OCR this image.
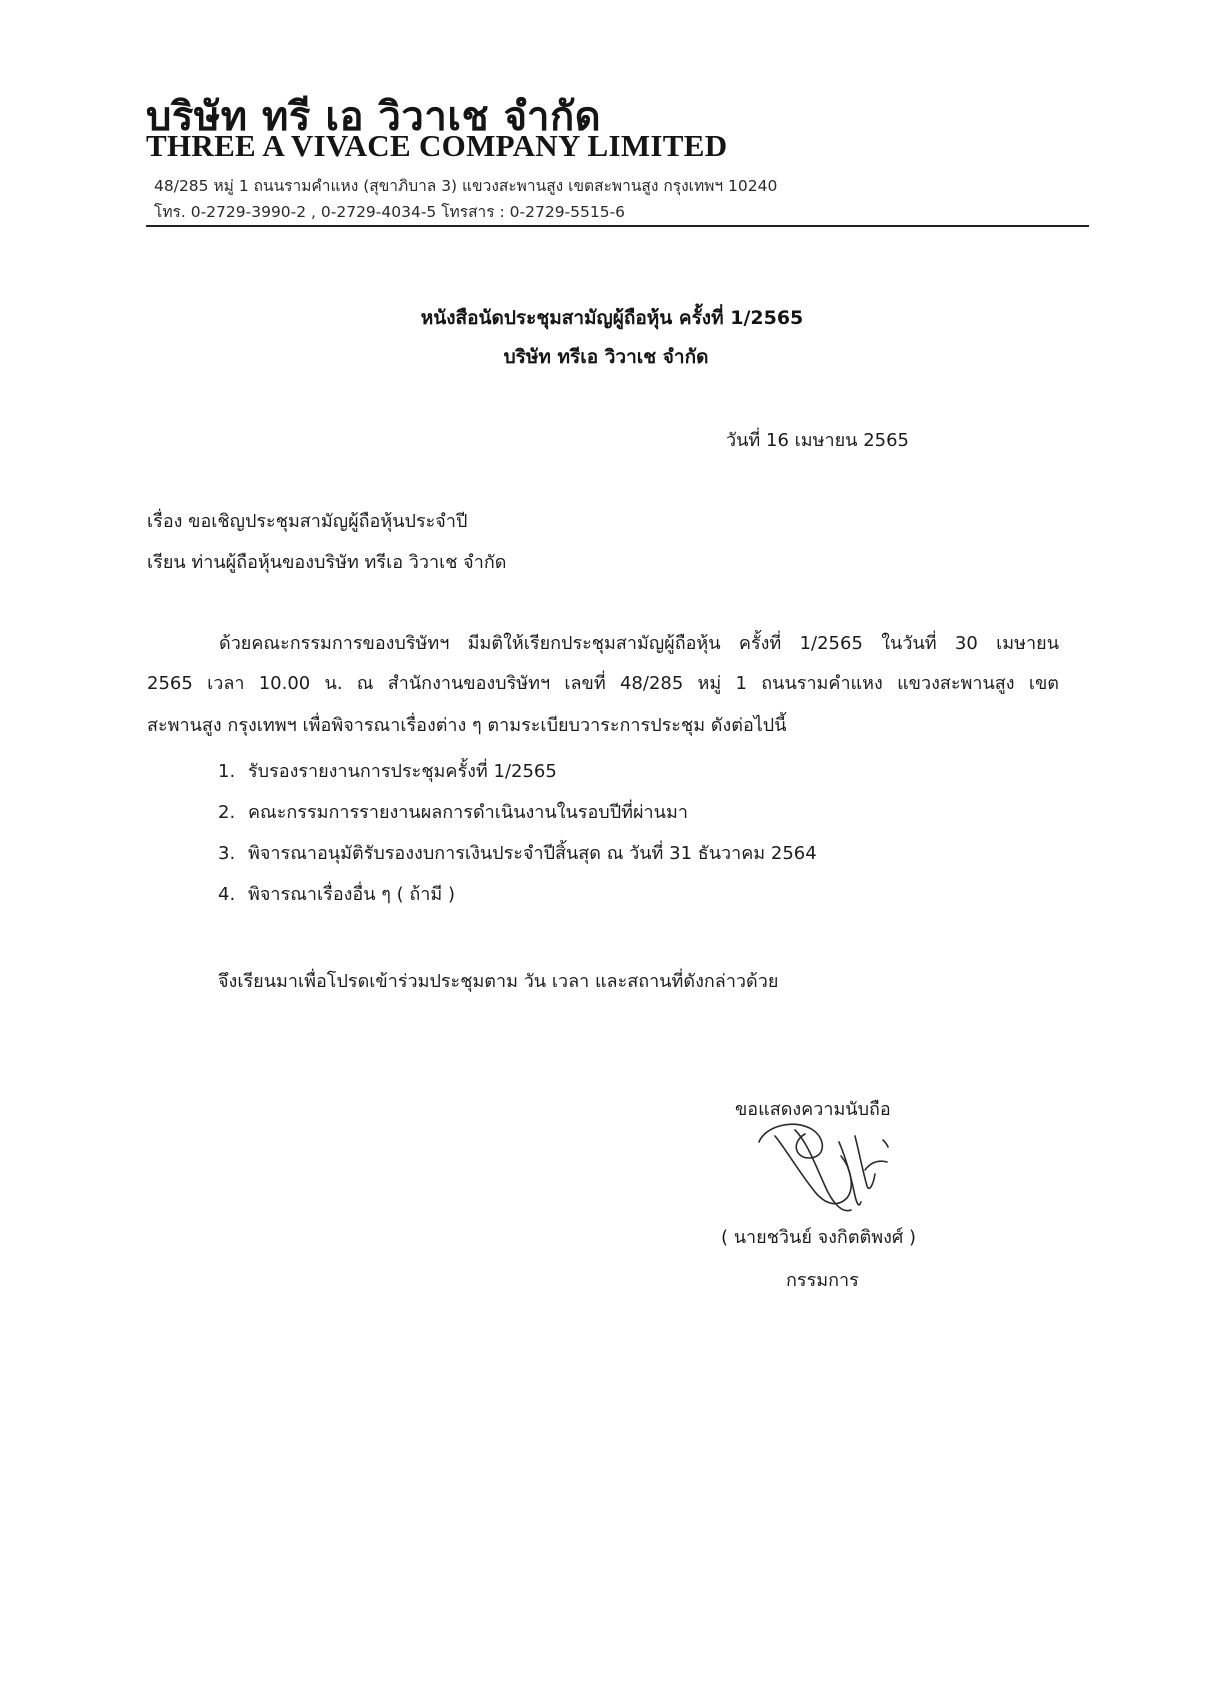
บริษัท ทรี เอ วิวาเช จำกัด
THREE A VIVACE COMPANY LIMITED
48/285 หมู่ 1 ถนนรามคำแหง (สุขาภิบาล 3) แขวงสะพานสูง เขตสะพานสูง กรุงเทพฯ 10240
โทร. 0-2729-3990-2 , 0-2729-4034-5 โทรสาร : 0-2729-5515-6
หนังสือนัดประชุมสามัญผู้ถือหุ้น ครั้งที่ 1/2565
บริษัท ทรีเอ วิวาเช จำกัด
วันที่ 16 เมษายน 2565
เรื่อง ขอเชิญประชุมสามัญผู้ถือหุ้นประจำปี
เรียน ท่านผู้ถือหุ้นของบริษัท ทรีเอ วิวาเช จำกัด
ด้วยคณะกรรมการของบริษัทฯ มีมติให้เรียกประชุมสามัญผู้ถือหุ้น ครั้งที่ 1/2565 ในวันที่ 30 เมษายน
2565 เวลา 10.00 น. ณ สำนักงานของบริษัทฯ เลขที่ 48/285 หมู่ 1 ถนนรามคำแหง แขวงสะพานสูง เขต
สะพานสูง กรุงเทพฯ เพื่อพิจารณาเรื่องต่าง ๆ ตามระเบียบวาระการประชุม ดังต่อไปนี้
1. รับรองรายงานการประชุมครั้งที่ 1/2565
2. คณะกรรมการรายงานผลการดำเนินงานในรอบปีที่ผ่านมา
3. พิจารณาอนุมัติรับรองงบการเงินประจำปีสิ้นสุด ณ วันที่ 31 ธันวาคม 2564
4. พิจารณาเรื่องอื่น ๆ ( ถ้ามี )
จึงเรียนมาเพื่อโปรดเข้าร่วมประชุมตาม วัน เวลา และสถานที่ดังกล่าวด้วย
ขอแสดงความนับถือ
( นายชวินย์ จงกิตติพงศ์ )
กรรมการ
